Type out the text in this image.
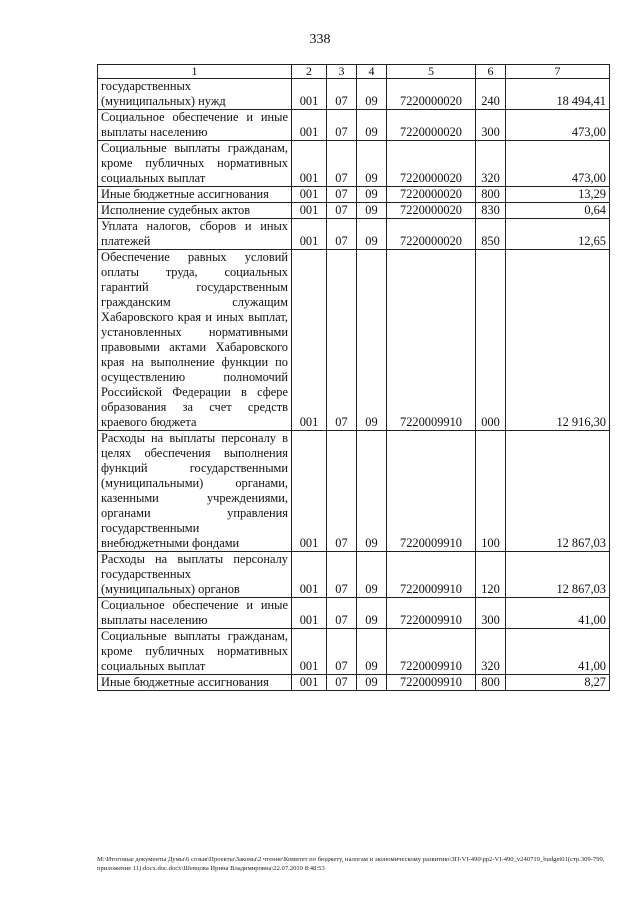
338
1	2	3	4	5	6	7
государственных (муниципальных) нужд	001	07	09	7220000020	240	18 494,41
Социальное обеспечение и иные выплаты населению	001	07	09	7220000020	300	473,00
Социальные выплаты гражданам, кроме публичных нормативных социальных выплат	001	07	09	7220000020	320	473,00
Иные бюджетные ассигнования	001	07	09	7220000020	800	13,29
Исполнение судебных актов	001	07	09	7220000020	830	0,64
Уплата налогов, сборов и иных платежей	001	07	09	7220000020	850	12,65
Обеспечение равных условий оплаты труда, социальных гарантий государственным гражданским служащим Хабаровского края и иных выплат, установленных нормативными правовыми актами Хабаровского края на выполнение функции по осуществлению полномочий Российской Федерации в сфере образования за счет средств краевого бюджета	001	07	09	7220009910	000	12 916,30
Расходы на выплаты персоналу в целях обеспечения выполнения функций государственными (муниципальными) органами, казенными учреждениями, органами управления государственными внебюджетными фондами	001	07	09	7220009910	100	12 867,03
Расходы на выплаты персоналу государственных (муниципальных) органов	001	07	09	7220009910	120	12 867,03
Социальное обеспечение и иные выплаты населению	001	07	09	7220009910	300	41,00
Социальные выплаты гражданам, кроме публичных нормативных социальных выплат	001	07	09	7220009910	320	41,00
Иные бюджетные ассигнования	001	07	09	7220009910	800	8,27
M:\Итоговые документы Думы\6 созыв\Проекты\Законы\2 чтение\Комитет по бюджету, налогам и экономическому развитию\ЗП-VI-490\pp2-VI-490_v240719_budget01(стр.309-799, приложение 11).docx.doc.docx\Шевцова Ирина Владимировна\22.07.2019 8:48:53
